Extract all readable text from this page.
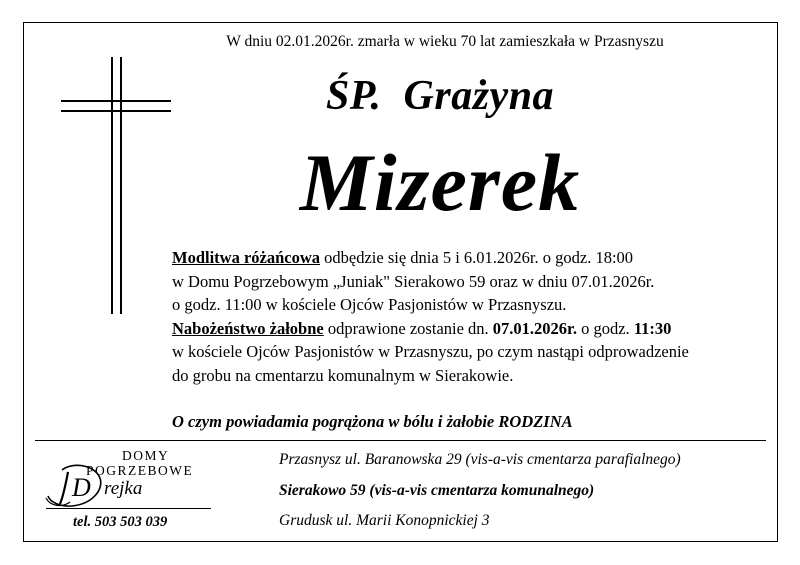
W dniu 02.01.2026r. zmarła w wieku 70 lat zamieszkała w Przasnyszu
ŚP.  Grażyna
Mizerek
Modlitwa różańcowa odbędzie się dnia 5 i 6.01.2026r. o godz. 18:00
w Domu Pogrzebowym „Juniak" Sierakowo 59 oraz w dniu 07.01.2026r.
o godz. 11:00 w kościele Ojców Pasjonistów w Przasnyszu.
Nabożeństwo żałobne odprawione zostanie dn. 07.01.2026r. o godz. 11:30
w kościele Ojców Pasjonistów w Przasnyszu, po czym nastąpi odprowadzenie
do grobu na cmentarzu komunalnym w Sierakowie.
O czym powiadamia pogrążona w bólu i żałobie RODZINA
DOMY
POGRZEBOWE
D rejka
tel. 503 503 039
Przasnysz ul. Baranowska 29 (vis-a-vis cmentarza parafialnego)
Sierakowo 59 (vis-a-vis cmentarza komunalnego)
Grudusk ul. Marii Konopnickiej 3
